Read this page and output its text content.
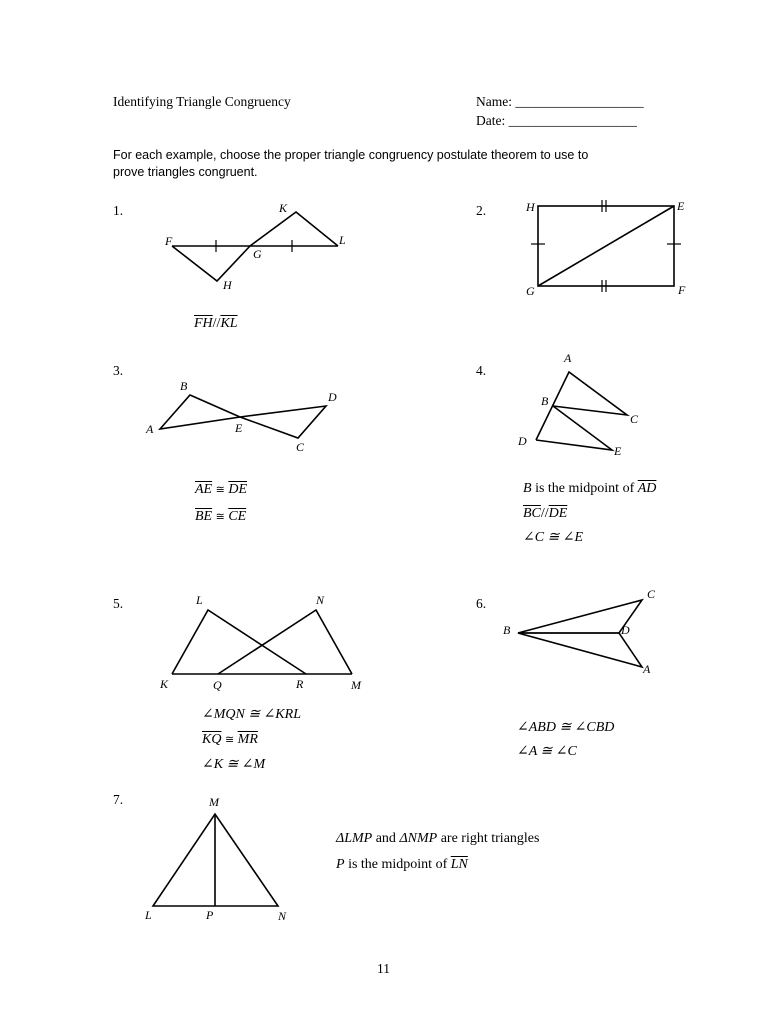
Identifying Triangle Congruency	Name: ___________________
Date: ___________________
For each example, choose the proper triangle congruency postulate theorem to use to
prove triangles congruent.
1.	2.
3.	4.
5.	6.
7.
F
K
L
G
H
H	E
G	F
B
D
A	E
C
A
B
C
D
E
L	N
K	Q	R	M
C
B	D
A
M
L	P	N
$\overline{FH}//\overline{KL}$
$\overline{AE}$ ≅ $\overline{DE}$
$\overline{BE}$ ≅ $\overline{CE}$
B is the midpoint of $\overline{AD}$
$\overline{BC}//\overline{DE}$
∠C ≅ ∠E
∠MQN ≅ ∠KRL
$\overline{KQ}$ ≅ $\overline{MR}$
∠K ≅ ∠M
∠ABD ≅ ∠CBD
∠A ≅ ∠C
ΔLMP and ΔNMP are right triangles
P is the midpoint of $\overline{LN}$
11
